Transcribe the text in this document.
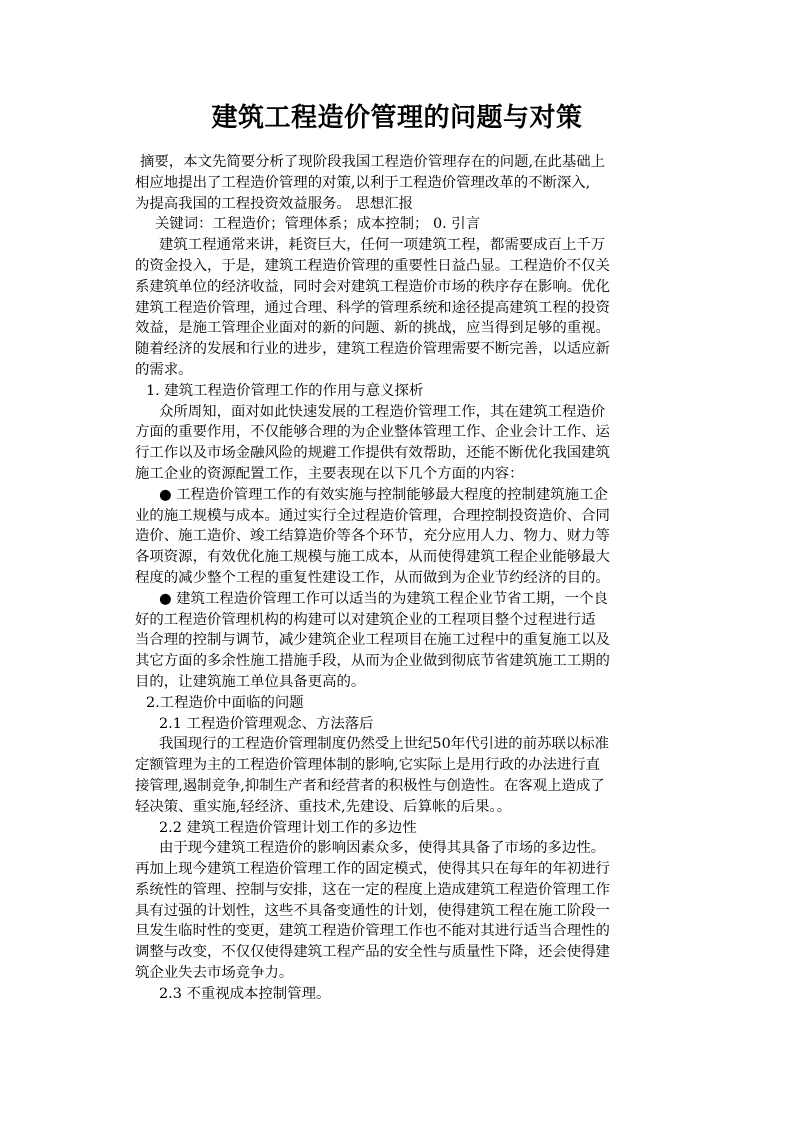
建筑工程造价管理的问题与对策
摘要，本文先简要分析了现阶段我国工程造价管理存在的问题,在此基础上
相应地提出了工程造价管理的对策,以利于工程造价管理改革的不断深入,
为提高我国的工程投资效益服务。 思想汇报
关键词：工程造价；管理体系；成本控制； 0. 引言
建筑工程通常来讲，耗资巨大，任何一项建筑工程，都需要成百上千万
的资金投入，于是，建筑工程造价管理的重要性日益凸显。工程造价不仅关
系建筑单位的经济收益，同时会对建筑工程造价市场的秩序存在影响。优化
建筑工程造价管理，通过合理、科学的管理系统和途径提高建筑工程的投资
效益，是施工管理企业面对的新的问题、新的挑战，应当得到足够的重视。
随着经济的发展和行业的进步，建筑工程造价管理需要不断完善，以适应新
的需求。
1. 建筑工程造价管理工作的作用与意义探析
众所周知，面对如此快速发展的工程造价管理工作，其在建筑工程造价
方面的重要作用，不仅能够合理的为企业整体管理工作、企业会计工作、运
行工作以及市场金融风险的规避工作提供有效帮助，还能不断优化我国建筑
施工企业的资源配置工作，主要表现在以下几个方面的内容：
● 工程造价管理工作的有效实施与控制能够最大程度的控制建筑施工企
业的施工规模与成本。通过实行全过程造价管理，合理控制投资造价、合同
造价、施工造价、竣工结算造价等各个环节，充分应用人力、物力、财力等
各项资源，有效优化施工规模与施工成本，从而使得建筑工程企业能够最大
程度的减少整个工程的重复性建设工作，从而做到为企业节约经济的目的。
● 建筑工程造价管理工作可以适当的为建筑工程企业节省工期，一个良
好的工程造价管理机构的构建可以对建筑企业的工程项目整个过程进行适
当合理的控制与调节，减少建筑企业工程项目在施工过程中的重复施工以及
其它方面的多余性施工措施手段，从而为企业做到彻底节省建筑施工工期的
目的，让建筑施工单位具备更高的。
2.工程造价中面临的问题
2.1 工程造价管理观念、方法落后
我国现行的工程造价管理制度仍然受上世纪50年代引进的前苏联以标准
定额管理为主的工程造价管理体制的影响,它实际上是用行政的办法进行直
接管理,遏制竞争,抑制生产者和经营者的积极性与创造性。在客观上造成了
轻决策、重实施,轻经济、重技术,先建设、后算帐的后果。。
2.2 建筑工程造价管理计划工作的多边性
由于现今建筑工程造价的影响因素众多，使得其具备了市场的多边性。
再加上现今建筑工程造价管理工作的固定模式，使得其只在每年的年初进行
系统性的管理、控制与安排，这在一定的程度上造成建筑工程造价管理工作
具有过强的计划性，这些不具备变通性的计划，使得建筑工程在施工阶段一
旦发生临时性的变更，建筑工程造价管理工作也不能对其进行适当合理性的
调整与改变，不仅仅使得建筑工程产品的安全性与质量性下降，还会使得建
筑企业失去市场竞争力。
2.3 不重视成本控制管理。
